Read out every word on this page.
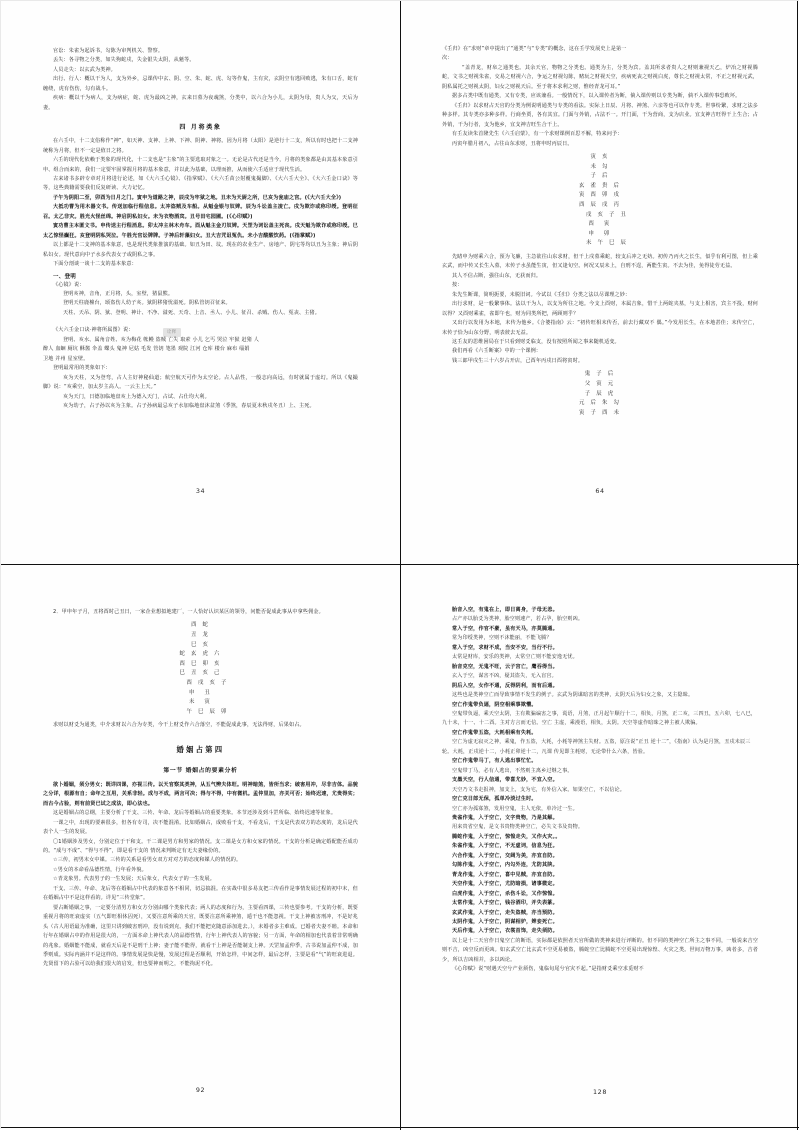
官讼：朱雀为起诉书，勾陈为审判机关、警察。

丢失：各寻物之分类，如失狗蛇戌，失金银失太阴，从魁等。

人员走失：以玄武为类神。

出行、行人：概以干为人，支为外乡，忌课传中玄、阴、空、朱、蛇、虎、勾等作鬼，主有灾，玄阴空有逃回败逃，朱有口舌，蛇有缠绕，虎有伤伤，勾有战斗。

疾病：概以干为病人，支为病症，蛇、虎为最凶之神，玄来日墓为夜魂煞，分类中，以六合为小儿，太阴为母，贵人为父，天后为妻。

四 月将类象

在六壬中，十二支俗称作“神”，如天神、支神、上神、下神、阴神、神将。因为月将（太阳）是逆行十二支，所以有时也把十二支神统称为月将，但不一定是值日之将。

六壬的现代化依赖于类象的现代化，十二支也是“主象”的主要选取对象之一。无论是古代还是当今，月将的类象都是由其基本象意引申、组合而来的，我们一定要牢固掌握月将的基本象意，并以此为基础，以理而推，从而使六壬适应于现代生活。

古来诸书多辟专章对月将进行论述，如《大六壬心镜》、《指掌赋》、《大六壬苗公射覆鬼撮脚》、《大六壬大全》、《大六壬金口诀》等等，这些典籍需要我们反复研读、大力记忆。

子午为阴阳二至，卯酉为日月之门。寅申为道路之神，辰戌为牢狱之地。丑未为天厨之所，巳亥为瓮庙之宫。(《大六壬大全》)

大抵功曹为用木器文书。传送加临行程信息。太冲盗贼及车船。从魁金银与奴婢。辰为斗讼盖主凌亡。戌为欺诈或称印绶。登明征召。太乙非灾。胜光火怪丝绵。神启阴私妇女。未为衣物酒宾。丑号田宅园圃。(《心印赋》)

寅功曹主本匿文书。申传送主行程消息。卯太冲主林木舟车。酉从魁主金刃奴婢。天罡为词讼盖主死丧。戌天魁为欺诈或称印绶。巳太乙惊怪癫狂。亥登明阴私哭泣。午胜光官讼牌牌。子神后轩藻妇女。丑大吉咒诅冤仇。未小吉酸酸饮药。(《指掌赋》)

以上都是十二支神的基本象意，也是现代类象推演的基础。如丑为田、坟。现在的农业生产、房地产、阴宅等均以丑为主象；神后阴私妇女。现代意向中子水多代表女子或阴私之事。

下面分剖谈一谈十二支的基本象意：

一、登明

《心镜》说：

登明亥神，音角，正月将，头，室壁，猪鼠熊。

登明天柱鹿橦台，颂盗伤人幼子亥。狱阴移猪忧溢死。阴私管钥召征来。

天柱、天吊、阴、狱、登明、神计、不净、溢死、天奇、上音、丞人、小儿、征召、杀贼、伤人、冤丧、主猪。

诠释

《大六壬金口诀·神将所属图》说：

登明、亥水、属角音姓、亥为梅花 帐幔 盗贼 亡失 取索 小儿 乞丐 哭泣 牢狱 赶猪 人

醉人 血蛔 厕坑 酥酱 伞盖 蝶头 鬼神 尼姑 毛发 管钥 笔墨 观院 江河 仓库 楼台 麻布 缁娟

卫地 并州 星室壁。

登明最常用的类象如下：

亥为天柱，又为登弯，占人主好神秘仙道；航空航天可作为太空论。占人品性，一般志向高远，有时就属于虚幻。所以《鬼撮脚》说：“亥乘空，加太岁主高人。一云主上天。”

亥为天门，日德加临地盘亥上为德入天门，占试、占仕均大利。

亥为幼子，占子孙以亥为主象。占子孙病最忌亥子水加临地盘沐盆煞（季煞，春辰夏未秋戌冬丑）上、主死。

34

《壬归》在“求财”章中提出了“通类”与“专类”的概念，这在壬学发展史上是第一

次：

“盖青龙，财帛之通类也。其余天官，物物之分类也。通类为主，分类为宾。盖其所求者贵人之财则兼视天乙，炉冶之财视腾蛇，文书之财视朱雀，交易之财视六合，争运之财视勾陈，赌玩之财视天空，疾病死丧之财视白虎，尊长之财视太常，不正之财视元武，阴私属托之财视太阴，妇女之财视天后。至于将本求利之财，惟经青龙可耳。”

据多占类中既有通类，又有专类，应该兼看。一般情况下，以入课传者为断，倘入课传则以专类为断，倘不入课传事恐败坏。

《壬归》以求财占天官的分类为例说明通类与专类的看法。实际上日辰、月将、神煞、六亲等也可以作专类。世事纷繁，求财之法多种多样。其专类亦多种多样。行商坐贾，各有其宜。门面与外销，占法不一。开门面，干为营商，支为店业。宜支神吉旺得干上生合；占外销，干为行者，支为他乡，宜支神吉旺生合干上。

有壬友读朱首隆先生《六壬启蒙》，有一个求财课例百思不解，特来问予：

丙寅年腊月初八，占往山东求财，丑将申时丙辰日。

寅 亥
未 勾
子 后
玄 雀 贵 后
寅 酉 卯 戌
酉 辰 戌 丙
戌 亥 子 丑
酉  寅
申  卯
未 午 巳 辰

先睹申为财乘六合，预为飞廉，主急欲往山东求财，但干上戌墓乘蛇，较支后冲之无妨。初传乃丙火之长生，似乎有利可图，但上乘玄武，而中传又长生入墓，末传子水虽能生寅，但又逢旬空。何况又辰未上，自刑不逞，两能生寅。不去为佳，免得徒劳无益。

其人不信占断，强往山东，无获而归。

按：

朱先生断课，简明扼要，未脱旧词。今试以《壬归》分类之法以尽课理之妙：

出行求财，是一般繁事体。法以干为人，以支为所往之地。今支上酉财，本属吉象，惜干上两蛇夹墓，与支上相害，宾主不投，财何以得？又酉财乘雀，雀即午也，财为同类所把，两顾则乎？

又出行以发用为本地，末传为他乡。《合婆指南》云：“初传旺相末传否，前去行藏双不 偶。”今发用长生，在本地甚佳；末传空亡，末传子恰为山东分野，明表彼去无益。

这壬友的思维困局在于只看到财爻临支，没有按照所闻之事来随机适变。

我们再看《六壬断案》中的一个课例：

钱三郎甲戌生三十六岁占开店，己酉年丙戌日酉将寅时。

鬼 子 后
父 寅 元
子 辰 虎
元 后 朱 勾
寅 子 酉 未
64

2．甲申年子月，丑将酉时己丑日，一家企业想拟地建厂，一人恰好认识某区的领导，问能否促成此事从中拿些佣金。

酉 蛇
丑 龙
巳 亥
蛇 玄 虎 六
酉 巳 卯 亥
巳 丑 亥 己
酉 戌 亥 子
申  丑
未  寅
午 巳 辰 卯

求财以财爻为通类，中介求财以六合为专类，今干上财爻作六合落空，不能促成此事，无法得财，后果如占。

婚姻占第四
第一节 婚姻占的要素分析

欲卜婚姻，须分男女；既详四课，亦视三传。以天官察其类神，从五气辨夫体旺。明神暗煞，皆所当求；破害用冲，尽非吉体。品貌之分详，根源有自；命年之互用，关系非轻。成与不成，两言可决；得与不得，中有微机。孟仲里加，亦关可否；始终迟速，尤贵得实；而古今占验，则有前贤已试之成法，即心法也。

这是婚姻占的总纲，主要分析了干支、三传、年命、龙后等婚姻占的重要类象。本节还涉及到斗罡所临、始终迟速等征象。

一课之中，出现的要素很多，但各有专司，决不能混淆。比如婚姻占，成败看干支，不看龙后，干支是代表双方的态度的，龙后是代表个人一生的发展。

〇1婚姻涉及男女，分别定位于干和支。干二课是男方和男家的情况。支二课是女方和女家的情况。干支的分析是确定婚配能否成功的。“成与不成”、“得与不得”，即是看干支的 情况来判断定有无夫妻缘份的。

☆三传，初男末女中媒。三传的关系是看男女双方对对方的态度和媒人的情况的。

☆男女的本命看品德性情，行年看外貌。

☆青龙象男。代表男子的一生发展；天后象女，代表女子的一生发展。

干支、三传、年命、龙后等在婚姻占中代表的象意各不相同，切忌搞混。在实战中很多易友把三传看作是事情发展过程的初中末，但在婚姻占中不是这样看的。详见“三传堂象”。

要占断婚姻之事，一定要分清男方和女方分别由哪个类象代表；两人的态度和行为，主要看四课，三传也要参考。干支的分析，既要重视月将的旺衰虚实（五气即旺相休囚死），又要注意所乘的天官，既要注意所乘神煞，遁干也不能忽视。干支上神被害刑冲，不是好兆头（古人用语最为准确，这里只讲到破害刑冲，没有说到克。我们不能把克随意添加进去。），未婚者多主难成。已婚者夫妻不睦。本命和行年在婚姻占中的作用是很大的，一方面本命上神代表人的品德性情，行年上神代表人的容貌；另一方面，年命的相加也代表着非常明确的兆象。婚姻能不能成，就看天后是不是刑干上神；妻子能不能得，就看干上神是否能制支上神。天罡加孟仲季，古书说加孟仲不成，加季则成。实际内涵并不是这样的。事情发展是快是慢，发展过程是否顺利，开始怎样，中间怎样，最后怎样，主要是看“气”的旺衰进退。先贤留下的占验可以给我们很大的启发，但也要神而明之，不能拘泥不化。

92

胎音入空，有鬼在上，即日离身，子母无恙。

占产亦以胎爻为类神，胎空则速产，若占孕，胎空则凶。

常入于空，作官不豪，虽有天马，亦莫腾通。

常为印绶类神，空则不沐能丽，不能飞腾？

常入于空，求财不成，当安不安，当行不行。

太常是财库，安乐的类神，太常空亡则不能安逸无忧。

胎音克空，无鬼不旺，云子宫亡，鹰吞得当。

玄入于空，谋害不凶，疑其盗失，无入盲宫。

阴后入空，女作不通，反得阴利，而有后通。

这些也是类神空亡而导致事情不发生的例子。玄武为阴谋暗害的类神，太阴天后为妇女之象，又主隐昧。

空亡作鬼带负逼，阴空相乘事欺懵。

空鬼带负逼，乘天空太阴，主有欺骗谝害之事，谎语，月煞，正月起午顺行十二，相负，月煞，正二亥，三四丑，五六卯，七八巳，九十未，十一、十二酉。主对方言而无信。空亡 主虚，乘漫语，相负，太阴。天空等虚作暗昧之神主被人欺骗。

空亡作鬼带五盗，大耗相乘有失耗。

空亡为虚无寂灭之神，乘鬼，作五盗，大耗，小耗等神煞主失财。五盗，原注说“正丑 逆十二”，《指南》认为是月煞，丑戌未辰三轮。大耗，正戌逆十二，小耗正卯逆十二，凡课 传见即主耗财，无论带什么六条，皆验。

空亡作鬼带马丁，有人逃出事忙忙。

空鬼带丁马，必有人逃出，不然则主离乡过继之事。

支墨天空，行人信通，带喜尤妙，不宜入空。

天空乃文书走报神，加支上，支为宅，有外信入家。如果空亡，不以信论。

空亡克日郎无保，孤单冷淡过生时。

空亡亦为孤寡煞，发用空鬼，主人无依，单冷过一生。

贵雀作鬼，入于空亡，文字贵物，乃是其解。

用来贵省空鬼，是文书贵物类神空亡，必失文书及贵物。

腾蛇作鬼，入于空亡，惊惶走失，又作火灾。。

朱雀作鬼，入于空亡，不无虚词，信息为狂。

六合作鬼，入于空亡，交阔为美，亦宜自防。

勾陈作鬼，入于空亡，内勾外连，尤防其陕。

青龙作鬼，入于空亡，喜中见贼，亦宜自防。

天空作鬼，入于空亡，尤防暗损，诸事微定。

白虎作鬼，入于空亡，杀伤斗讼，又作惊惶。

太常作鬼，入于空亡，钱谷酒印，并失表篆。

玄武作鬼，入于空亡，走失盗贼，亦当预防。

太阴作鬼，入于空亡，阴谋相妒，婢妾死亡。

天后作鬼，入于空亡，衣裳首饰，走失须防。

以上是十二天官作日鬼空亡的断语，实际都是依照者天官所做的类神来进行评断的。但不同的类神空亡所主之事不同，一般说来吉空则不吉，凶空反而更凶。如玄武空亡比玄武不空更易被盗，腾蛇空亡比腾蛇不空更易出现惊惶、火灾之类。世间万物万事，凶者多，吉者少，所以吉凶相并，多以凶论。

《心印赋》说“财遇天空兮产业须伤，鬼临旬尾兮官灾不起。”是指财爻乘空求觅财不

128
